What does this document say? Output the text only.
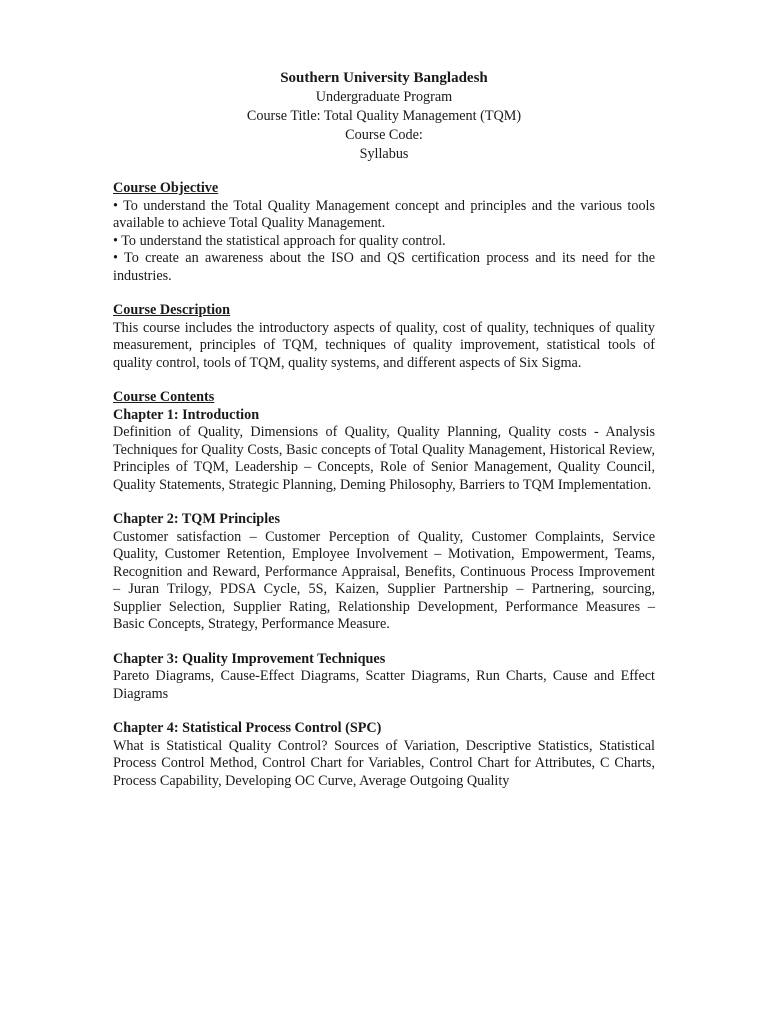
Southern University Bangladesh

Undergraduate Program

Course Title: Total Quality Management (TQM)

Course Code:

Syllabus

Course Objective

• To understand the Total Quality Management concept and principles and the various tools available to achieve Total Quality Management.

• To understand the statistical approach for quality control.

• To create an awareness about the ISO and QS certification process and its need for the industries.

Course Description

This course includes the introductory aspects of quality, cost of quality, techniques of quality measurement, principles of TQM, techniques of quality improvement, statistical tools of quality control, tools of TQM, quality systems, and different aspects of Six Sigma.

Course Contents

Chapter 1: Introduction

Definition of Quality, Dimensions of Quality, Quality Planning, Quality costs - Analysis Techniques for Quality Costs, Basic concepts of Total Quality Management, Historical Review, Principles of TQM, Leadership – Concepts, Role of Senior Management, Quality Council, Quality Statements, Strategic Planning, Deming Philosophy, Barriers to TQM Implementation.

Chapter 2: TQM Principles

Customer satisfaction – Customer Perception of Quality, Customer Complaints, Service Quality, Customer Retention, Employee Involvement – Motivation, Empowerment, Teams, Recognition and Reward, Performance Appraisal, Benefits, Continuous Process Improvement – Juran Trilogy, PDSA Cycle, 5S, Kaizen, Supplier Partnership – Partnering, sourcing, Supplier Selection, Supplier Rating, Relationship Development, Performance Measures – Basic Concepts, Strategy, Performance Measure.

Chapter 3: Quality Improvement Techniques

Pareto Diagrams, Cause-Effect Diagrams, Scatter Diagrams, Run Charts, Cause and Effect Diagrams

Chapter 4: Statistical Process Control (SPC)

What is Statistical Quality Control? Sources of Variation, Descriptive Statistics, Statistical Process Control Method, Control Chart for Variables, Control Chart for Attributes, C Charts, Process Capability, Developing OC Curve, Average Outgoing Quality
